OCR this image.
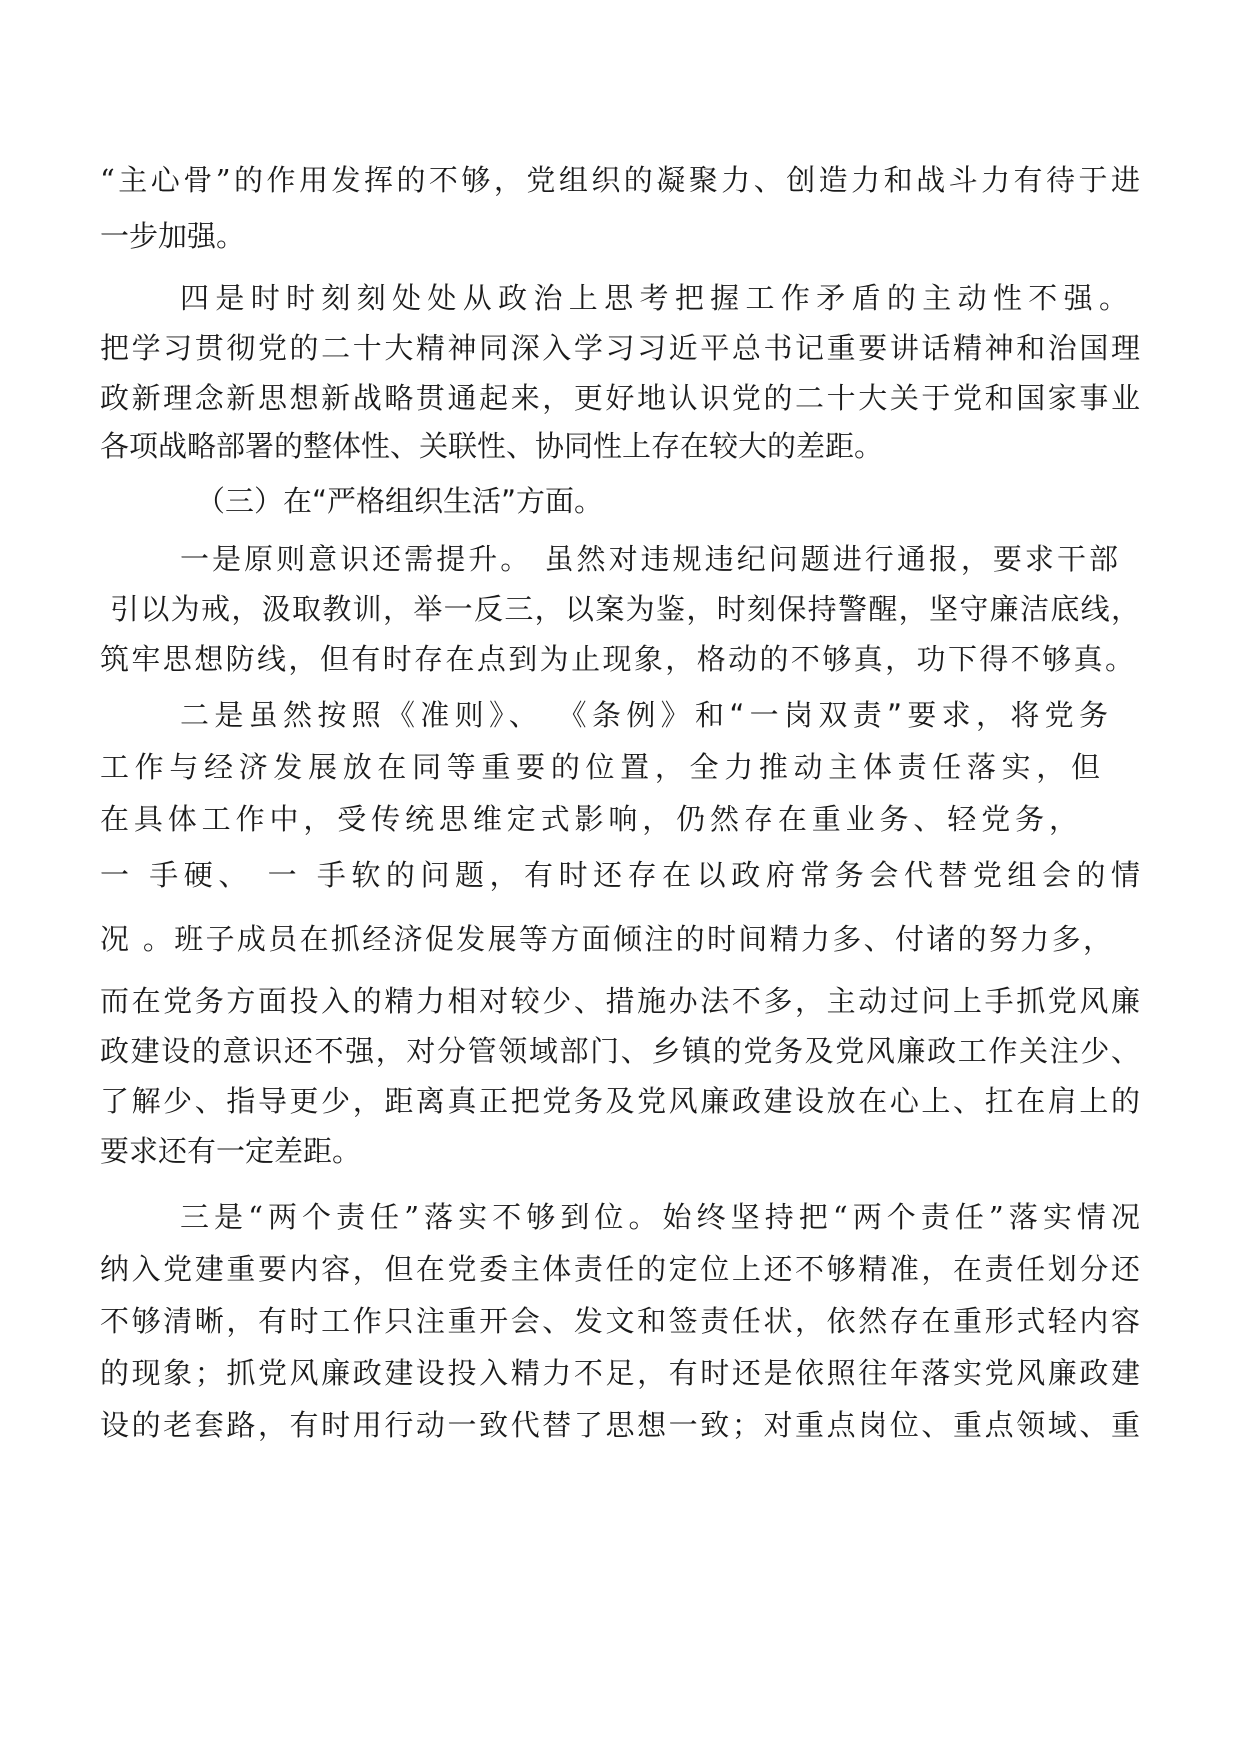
“主心骨”的作用发挥的不够，党组织的凝聚力、创造力和战斗力有待于进
一步加强。
四是时时刻刻处处从政治上思考把握工作矛盾的主动性不强。
把学习贯彻党的二十大精神同深入学习习近平总书记重要讲话精神和治国理
政新理念新思想新战略贯通起来，更好地认识党的二十大关于党和国家事业
各项战略部署的整体性、关联性、协同性上存在较大的差距。
（三）在“严格组织生活”方面。
一是原则意识还需提升。 虽然对违规违纪问题进行通报，要求干部
引以为戒，汲取教训，举一反三，以案为鉴，时刻保持警醒，坚守廉洁底线，
筑牢思想防线，但有时存在点到为止现象，格动的不够真，功下得不够真。
二是虽然按照《准则》、 《条例》和“一岗双责”要求，将党务
工作与经济发展放在同等重要的位置，全力推动主体责任落实，但
在具体工作中，受传统思维定式影响，仍然存在重业务、轻党务，
一 手硬、 一 手软的问题，有时还存在以政府常务会代替党组会的情
况 。班子成员在抓经济促发展等方面倾注的时间精力多、付诸的努力多，
而在党务方面投入的精力相对较少、措施办法不多，主动过问上手抓党风廉
政建设的意识还不强，对分管领域部门、乡镇的党务及党风廉政工作关注少、
了解少、指导更少，距离真正把党务及党风廉政建设放在心上、扛在肩上的
要求还有一定差距。
三是“两个责任”落实不够到位。始终坚持把“两个责任”落实情况
纳入党建重要内容，但在党委主体责任的定位上还不够精准，在责任划分还
不够清晰，有时工作只注重开会、发文和签责任状，依然存在重形式轻内容
的现象；抓党风廉政建设投入精力不足，有时还是依照往年落实党风廉政建
设的老套路，有时用行动一致代替了思想一致；对重点岗位、重点领域、重
